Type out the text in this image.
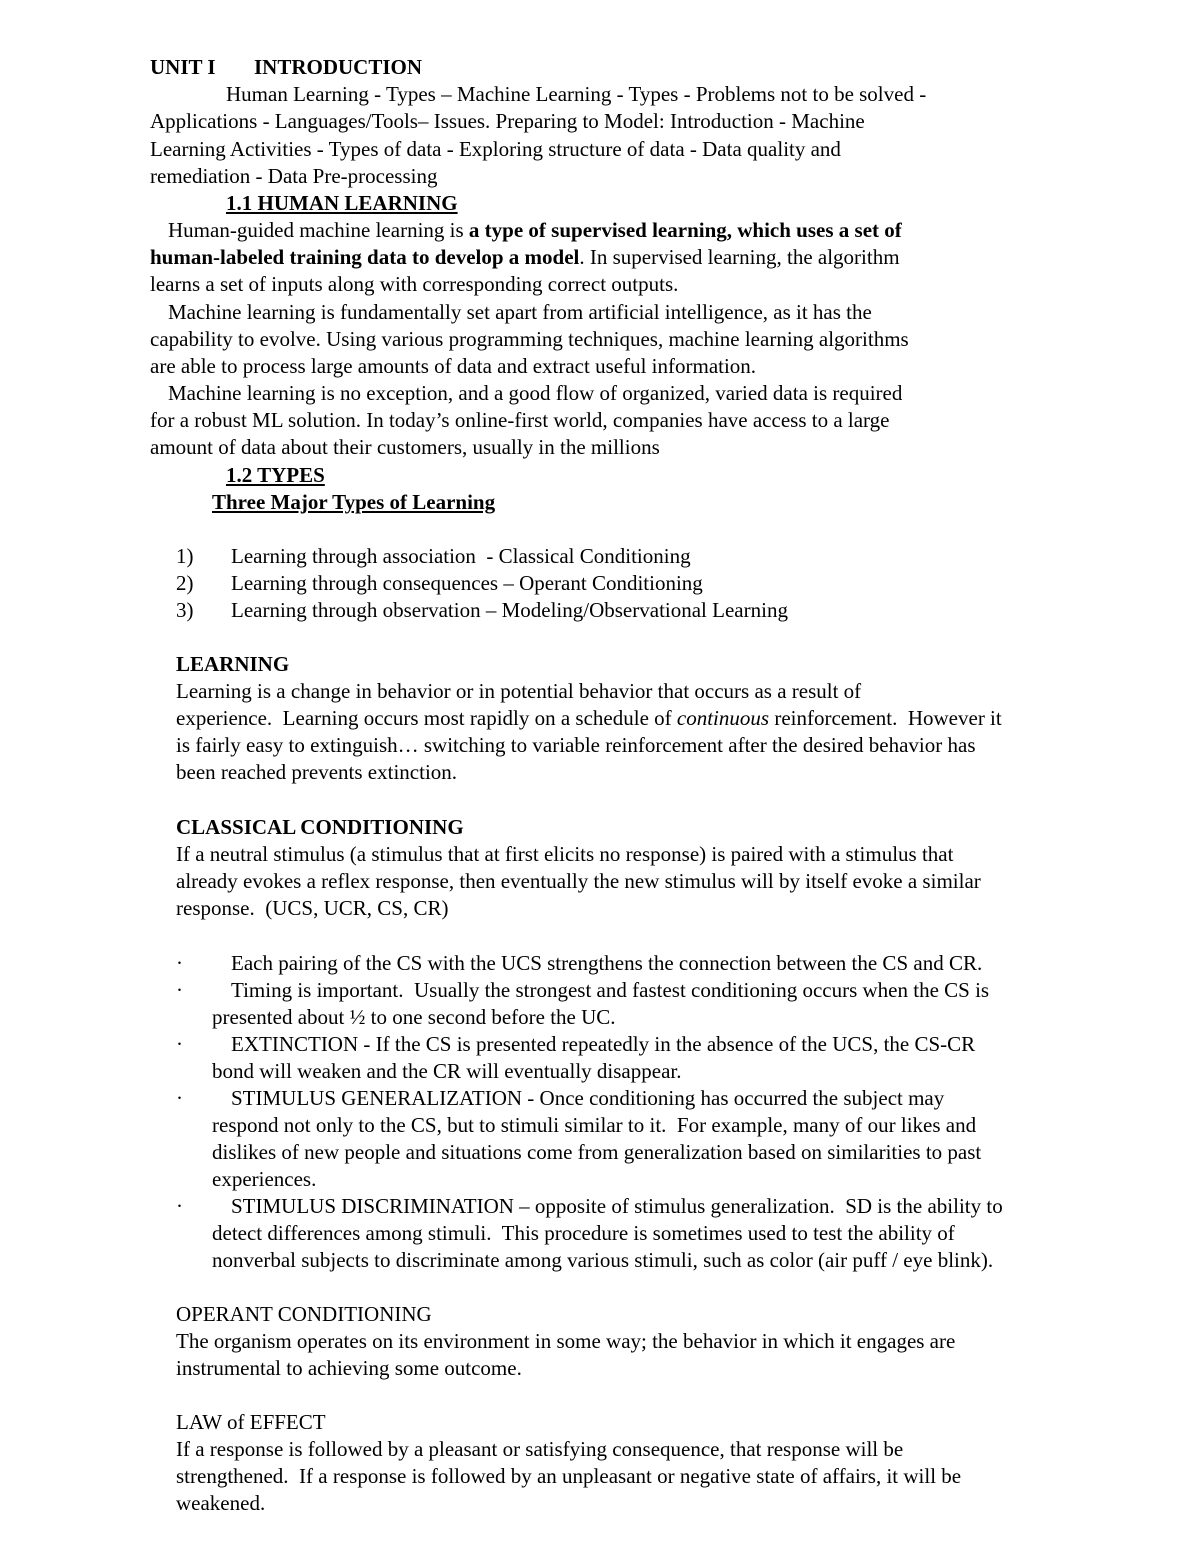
UNIT I INTRODUCTION
Human Learning - Types – Machine Learning - Types - Problems not to be solved -
Applications - Languages/Tools– Issues. Preparing to Model: Introduction - Machine
Learning Activities - Types of data - Exploring structure of data - Data quality and
remediation - Data Pre-processing
1.1 HUMAN LEARNING
Human-guided machine learning is a type of supervised learning, which uses a set of
human-labeled training data to develop a model. In supervised learning, the algorithm
learns a set of inputs along with corresponding correct outputs.
Machine learning is fundamentally set apart from artificial intelligence, as it has the
capability to evolve. Using various programming techniques, machine learning algorithms
are able to process large amounts of data and extract useful information.
Machine learning is no exception, and a good flow of organized, varied data is required
for a robust ML solution. In today’s online-first world, companies have access to a large
amount of data about their customers, usually in the millions
1.2 TYPES
Three Major Types of Learning
1) Learning through association  - Classical Conditioning
2) Learning through consequences – Operant Conditioning
3) Learning through observation – Modeling/Observational Learning
LEARNING
Learning is a change in behavior or in potential behavior that occurs as a result of
experience.  Learning occurs most rapidly on a schedule of continuous reinforcement.  However it
is fairly easy to extinguish… switching to variable reinforcement after the desired behavior has
been reached prevents extinction.
CLASSICAL CONDITIONING
If a neutral stimulus (a stimulus that at first elicits no response) is paired with a stimulus that
already evokes a reflex response, then eventually the new stimulus will by itself evoke a similar
response.  (UCS, UCR, CS, CR)
· Each pairing of the CS with the UCS strengthens the connection between the CS and CR.
· Timing is important.  Usually the strongest and fastest conditioning occurs when the CS is
presented about ½ to one second before the UC.
· EXTINCTION - If the CS is presented repeatedly in the absence of the UCS, the CS-CR
bond will weaken and the CR will eventually disappear.
· STIMULUS GENERALIZATION - Once conditioning has occurred the subject may
respond not only to the CS, but to stimuli similar to it.  For example, many of our likes and
dislikes of new people and situations come from generalization based on similarities to past
experiences.
· STIMULUS DISCRIMINATION – opposite of stimulus generalization.  SD is the ability to
detect differences among stimuli.  This procedure is sometimes used to test the ability of
nonverbal subjects to discriminate among various stimuli, such as color (air puff / eye blink).
OPERANT CONDITIONING
The organism operates on its environment in some way; the behavior in which it engages are
instrumental to achieving some outcome.
LAW of EFFECT
If a response is followed by a pleasant or satisfying consequence, that response will be
strengthened.  If a response is followed by an unpleasant or negative state of affairs, it will be
weakened.
